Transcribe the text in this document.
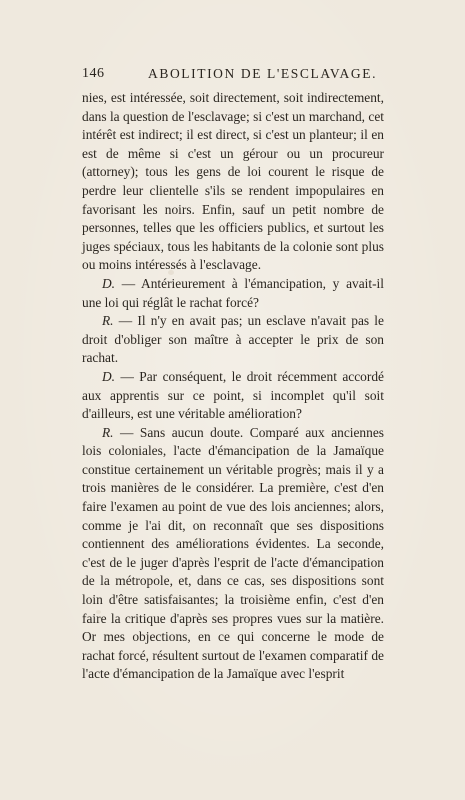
146	ABOLITION DE L'ESCLAVAGE.

nies, est intéressée, soit directement, soit indirectement, dans la question de l'esclavage; si c'est un marchand, cet intérêt est indirect; il est direct, si c'est un planteur; il en est de même si c'est un gérour ou un procureur (attorney); tous les gens de loi courent le risque de perdre leur clientelle s'ils se rendent impopulaires en favorisant les noirs. Enfin, sauf un petit nombre de personnes, telles que les officiers publics, et surtout les juges spéciaux, tous les habitants de la colonie sont plus ou moins intéressés à l'esclavage.

D. — Antérieurement à l'émancipation, y avait-il une loi qui réglât le rachat forcé?

R. — Il n'y en avait pas; un esclave n'avait pas le droit d'obliger son maître à accepter le prix de son rachat.

D. — Par conséquent, le droit récemment accordé aux apprentis sur ce point, si incomplet qu'il soit d'ailleurs, est une véritable amélioration?

R. — Sans aucun doute. Comparé aux anciennes lois coloniales, l'acte d'émancipation de la Jamaïque constitue certainement un véritable progrès; mais il y a trois manières de le considérer. La première, c'est d'en faire l'examen au point de vue des lois anciennes; alors, comme je l'ai dit, on reconnaît que ses dispositions contiennent des améliorations évidentes. La seconde, c'est de le juger d'après l'esprit de l'acte d'émancipation de la métropole, et, dans ce cas, ses dispositions sont loin d'être satisfaisantes; la troisième enfin, c'est d'en faire la critique d'après ses propres vues sur la matière. Or mes objections, en ce qui concerne le mode de rachat forcé, résultent surtout de l'examen comparatif de l'acte d'émancipation de la Jamaïque avec l'esprit
